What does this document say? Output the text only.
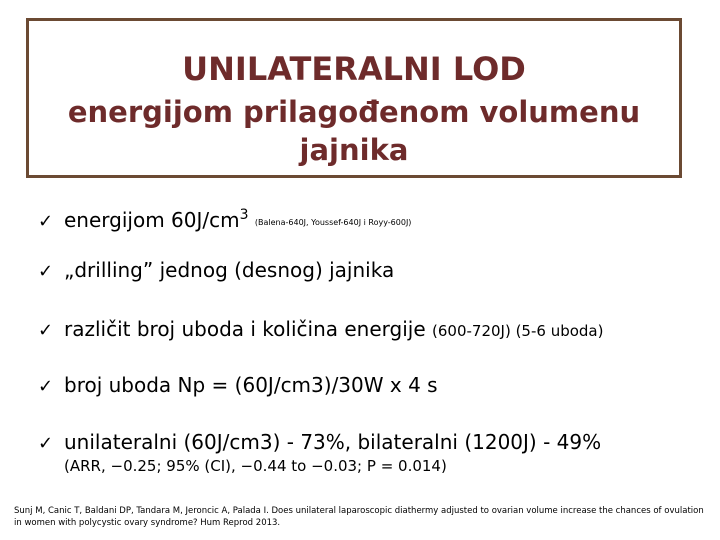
UNILATERALNI LOD
energijom prilagođenom volumenu
jajnika
✓ energijom $60J/cm^3$ (Balena-640J, Youssef-640J i Royy-600J)
✓ „drilling” jednog (desnog) jajnika
✓ različit broj uboda i količina energije (600-720J) (5-6 uboda)
✓ broj uboda Np = (60J/cm3)/30W x 4 s
✓ unilateralni (60J/cm3) - 73%, bilateralni (1200J) - 49%
(ARR, −0.25; 95% (CI), −0.44 to −0.03; P = 0.014)
Sunj M, Canic T, Baldani DP, Tandara M, Jeroncic A, Palada I. Does unilateral laparoscopic diathermy adjusted to ovarian volume increase the chances of ovulation in women with polycystic ovary syndrome? Hum Reprod 2013.
